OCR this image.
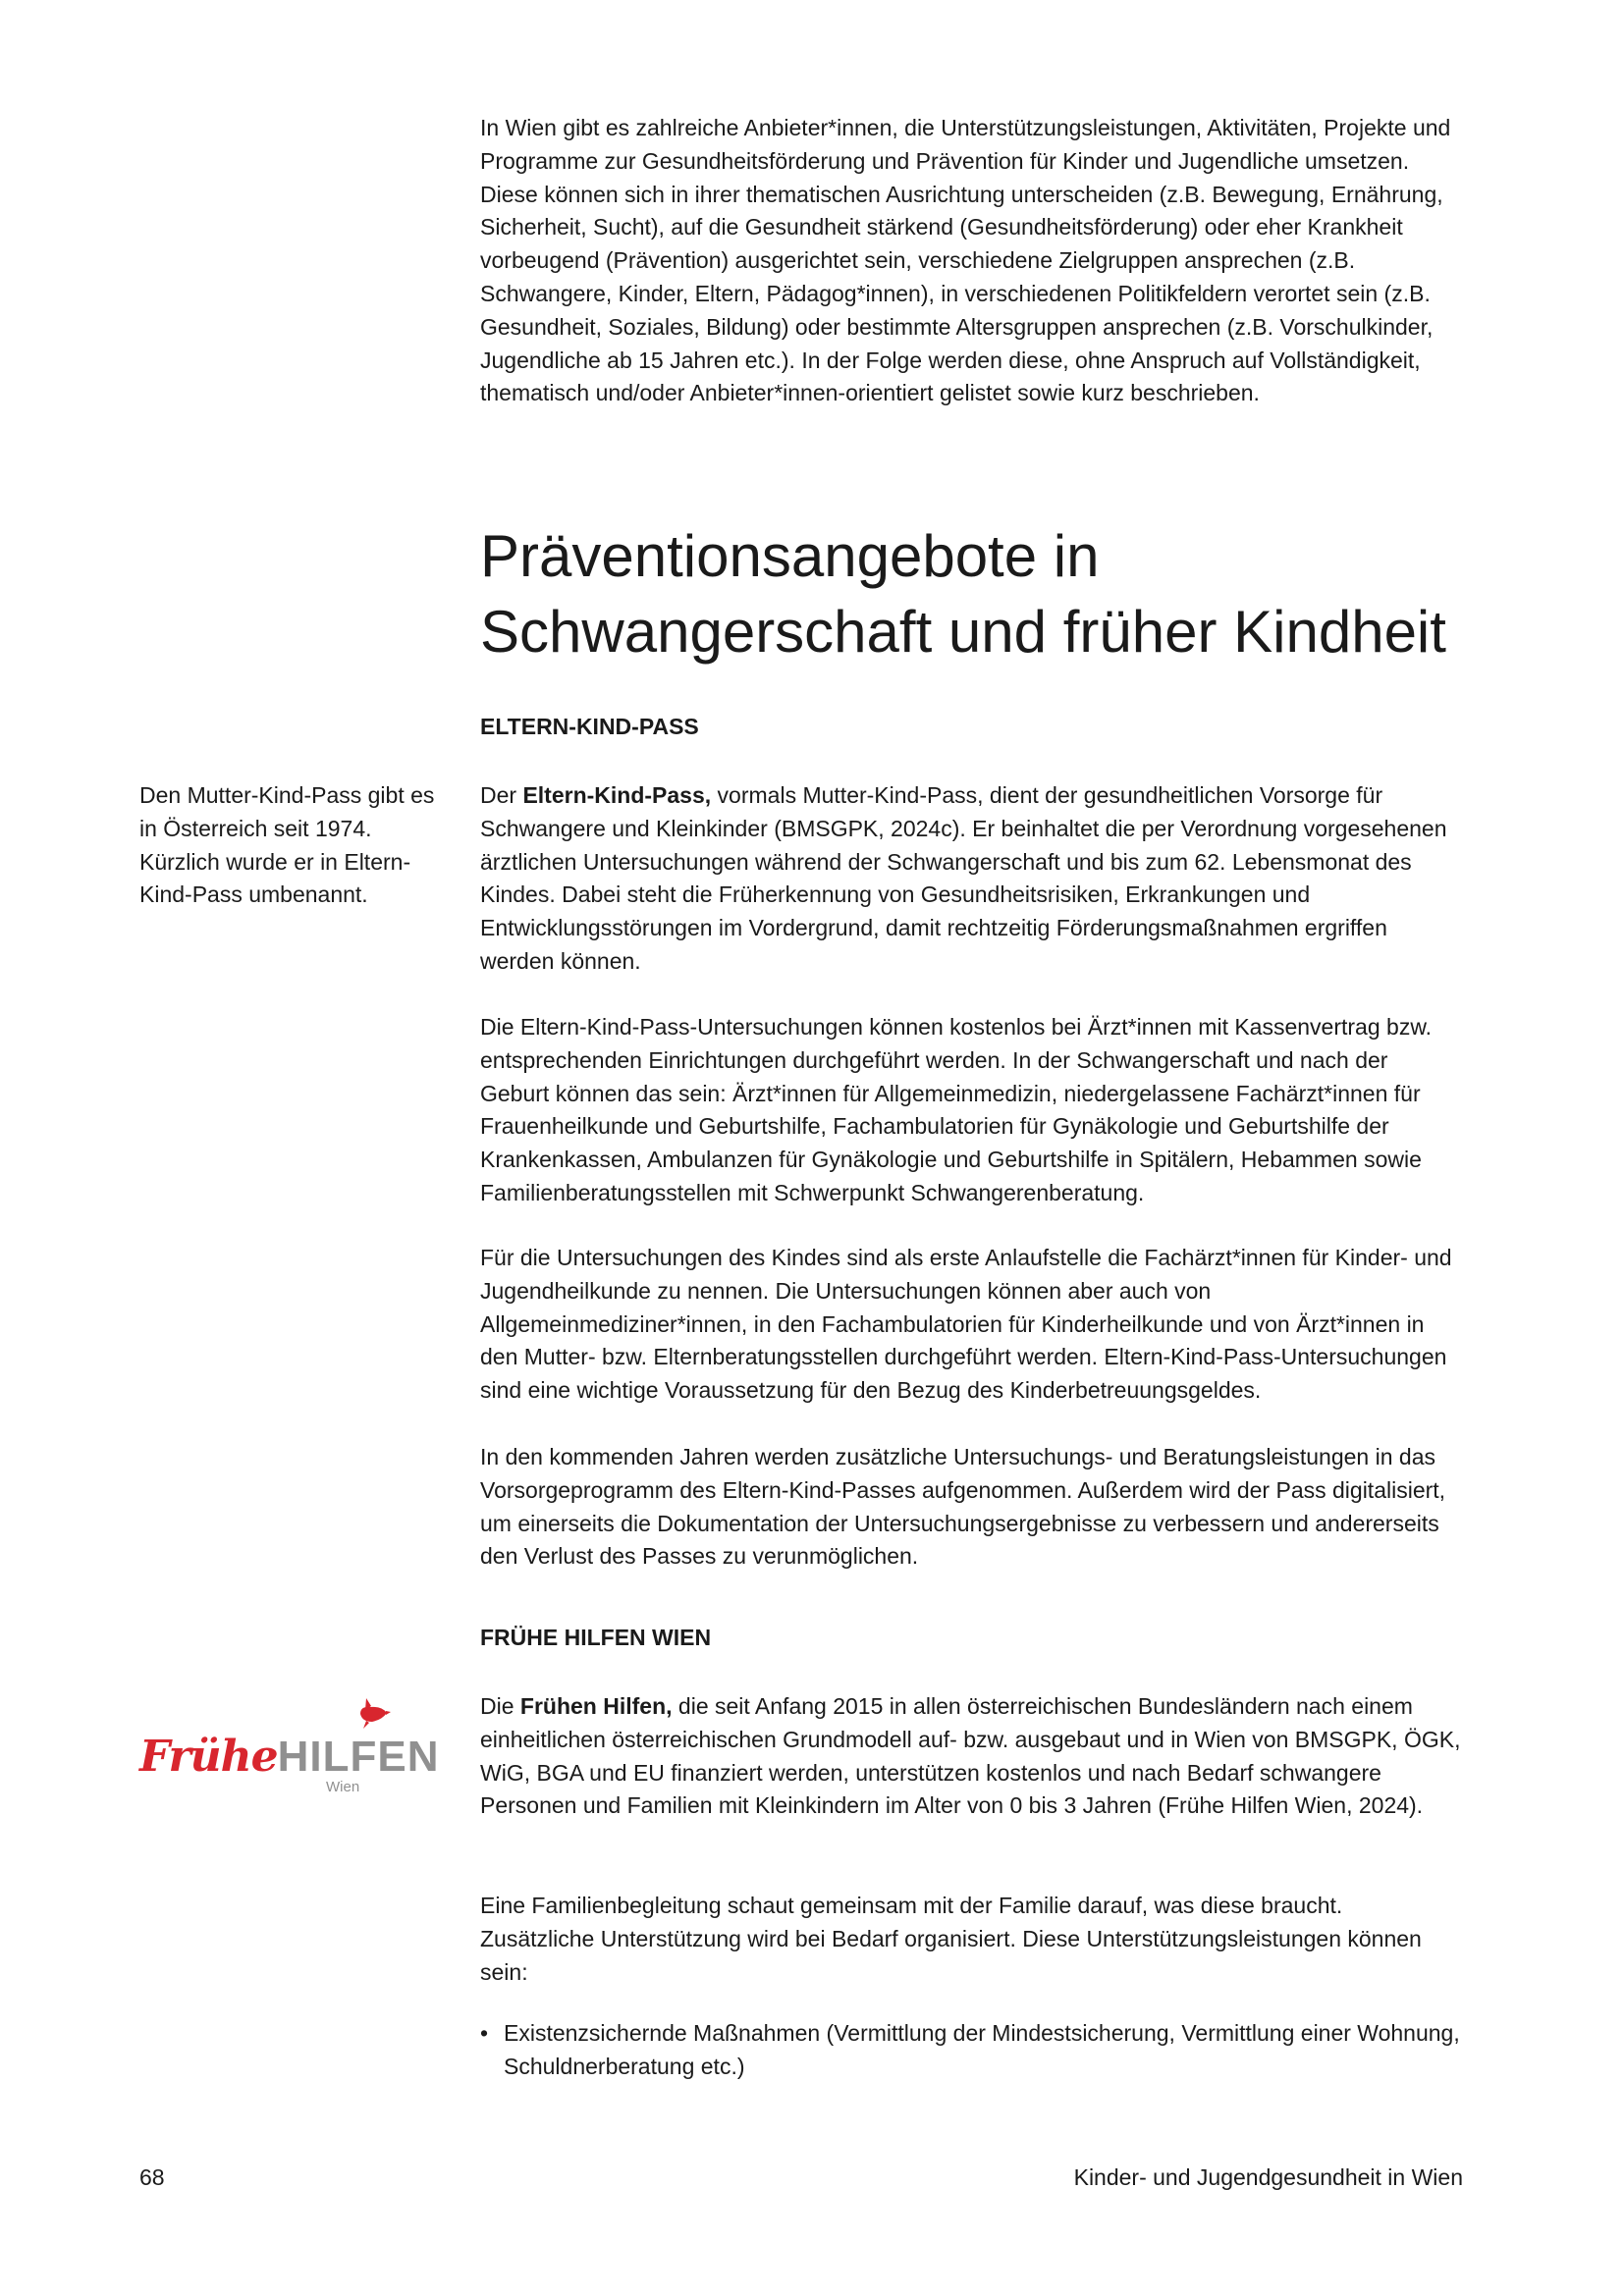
In Wien gibt es zahlreiche Anbieter*innen, die Unterstützungsleistungen, Aktivitäten, Projekte und Programme zur Gesundheitsförderung und Prävention für Kinder und Jugendliche umsetzen. Diese können sich in ihrer thematischen Ausrichtung unterscheiden (z.B. Bewegung, Ernährung, Sicherheit, Sucht), auf die Gesundheit stärkend (Gesundheitsförderung) oder eher Krankheit vorbeugend (Prävention) ausgerichtet sein, verschiedene Zielgruppen ansprechen (z.B. Schwangere, Kinder, Eltern, Pädagog*innen), in verschiedenen Politikfeldern verortet sein (z.B. Gesundheit, Soziales, Bildung) oder bestimmte Altersgruppen ansprechen (z.B. Vorschulkinder, Jugendliche ab 15 Jahren etc.). In der Folge werden diese, ohne Anspruch auf Vollständigkeit, thematisch und/oder Anbieter*innen-orientiert gelistet sowie kurz beschrieben.

Präventionsangebote in Schwangerschaft und früher Kindheit
ELTERN-KIND-PASS

Den Mutter-Kind-Pass gibt es in Österreich seit 1974. Kürzlich wurde er in Eltern-Kind-Pass umbenannt.

Der Eltern-Kind-Pass, vormals Mutter-Kind-Pass, dient der gesundheitlichen Vorsorge für Schwangere und Kleinkinder (BMSGPK, 2024c). Er beinhaltet die per Verordnung vorgesehenen ärztlichen Untersuchungen während der Schwangerschaft und bis zum 62. Lebensmonat des Kindes. Dabei steht die Früherkennung von Gesundheitsrisiken, Erkrankungen und Entwicklungsstörungen im Vordergrund, damit rechtzeitig Förderungsmaßnahmen ergriffen werden können.

Die Eltern-Kind-Pass-Untersuchungen können kostenlos bei Ärzt*innen mit Kassenvertrag bzw. entsprechenden Einrichtungen durchgeführt werden. In der Schwangerschaft und nach der Geburt können das sein: Ärzt*innen für Allgemeinmedizin, niedergelassene Fachärzt*innen für Frauenheilkunde und Geburtshilfe, Fachambulatorien für Gynäkologie und Geburtshilfe der Krankenkassen, Ambulanzen für Gynäkologie und Geburtshilfe in Spitälern, Hebammen sowie Familienberatungsstellen mit Schwerpunkt Schwangerenberatung.

Für die Untersuchungen des Kindes sind als erste Anlaufstelle die Fachärzt*innen für Kinder- und Jugendheilkunde zu nennen. Die Untersuchungen können aber auch von Allgemeinmediziner*innen, in den Fachambulatorien für Kinderheilkunde und von Ärzt*innen in den Mutter- bzw. Elternberatungsstellen durchgeführt werden. Eltern-Kind-Pass-Untersuchungen sind eine wichtige Voraussetzung für den Bezug des Kinderbetreuungsgeldes.

In den kommenden Jahren werden zusätzliche Untersuchungs- und Beratungsleistungen in das Vorsorgeprogramm des Eltern-Kind-Passes aufgenommen. Außerdem wird der Pass digitalisiert, um einerseits die Dokumentation der Untersuchungsergebnisse zu verbessern und andererseits den Verlust des Passes zu verunmöglichen.

FRÜHE HILFEN WIEN
FrüheHILFEN
Wien

Die Frühen Hilfen, die seit Anfang 2015 in allen österreichischen Bundesländern nach einem einheitlichen österreichischen Grundmodell auf- bzw. ausgebaut und in Wien von BMSGPK, ÖGK, WiG, BGA und EU finanziert werden, unterstützen kostenlos und nach Bedarf schwangere Personen und Familien mit Kleinkindern im Alter von 0 bis 3 Jahren (Frühe Hilfen Wien, 2024).

Eine Familienbegleitung schaut gemeinsam mit der Familie darauf, was diese braucht. Zusätzliche Unterstützung wird bei Bedarf organisiert. Diese Unterstützungsleistungen können sein:

• Existenzsichernde Maßnahmen (Vermittlung der Mindestsicherung, Vermittlung einer Wohnung, Schuldnerberatung etc.)
68	Kinder- und Jugendgesundheit in Wien
